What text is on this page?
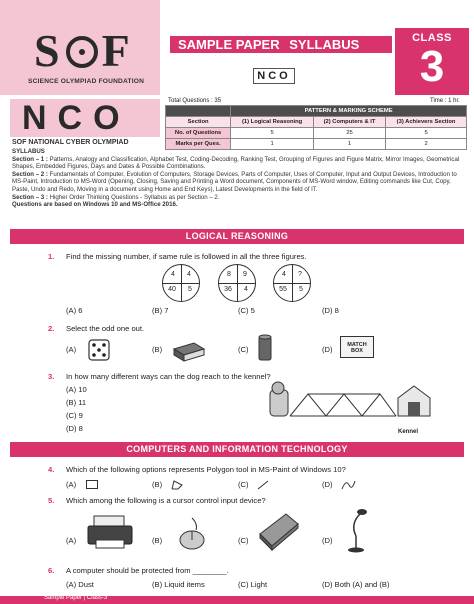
S F
SCIENCE OLYMPIAD FOUNDATION
SAMPLE PAPER SYLLABUS 2022-23
NCO
CLASS
3
NCO
SOF NATIONAL CYBER OLYMPIAD
Total Questions : 35	Time : 1 hr.
	PATTERN & MARKING SCHEME		
Section	(1) Logical Reasoning	(2) Computers & IT	(3) Achievers Section
No. of Questions	5	25	5
Marks per Ques.	1	1	2
SYLLABUS
Section – 1 : Patterns, Analogy and Classification, Alphabet Test, Coding-Decoding, Ranking Test, Grouping of Figures and Figure Matrix, Mirror Images, Geometrical Shapes, Embedded Figures, Days and Dates & Possible Combinations.
Section – 2 : Fundamentals of Computer, Evolution of Computers, Storage Devices, Parts of Computer, Uses of Computer, Input and Output Devices, Introduction to MS-Paint, Introduction to MS-Word (Opening, Closing, Saving and Printing a Word document, Components of MS-Word window, Editing commands like Cut, Copy, Paste, Undo and Redo, Moving in a document using Home and End Keys), Latest Developments in the field of IT.
Section – 3 : Higher Order Thinking Questions - Syllabus as per Section – 2.
Questions are based on Windows 10 and MS-Office 2016.
LOGICAL REASONING
1. Find the missing number, if same rule is followed in all the three figures.
4	4
40	5
8	9
36	4
4	?
55	5
(A) 6	(B) 7	(C) 5	(D) 8
2. Select the odd one out.
(A)	(B)	(C)	(D)	MATCH BOX
3. In how many different ways can the dog reach to the kennel?
(A) 10
(B) 11
(C) 9
(D) 8	Kennel
COMPUTERS AND INFORMATION TECHNOLOGY
4. Which of the following options represents Polygon tool in MS-Paint of Windows 10?
(A)	(B)	(C)	(D)
5. Which among the following is a cursor control input device?
(A)	(B)	(C)	(D)
6. A computer should be protected from ________.
(A) Dust	(B) Liquid items	(C) Light	(D) Both (A) and (B)
Sample Paper | Class-3
